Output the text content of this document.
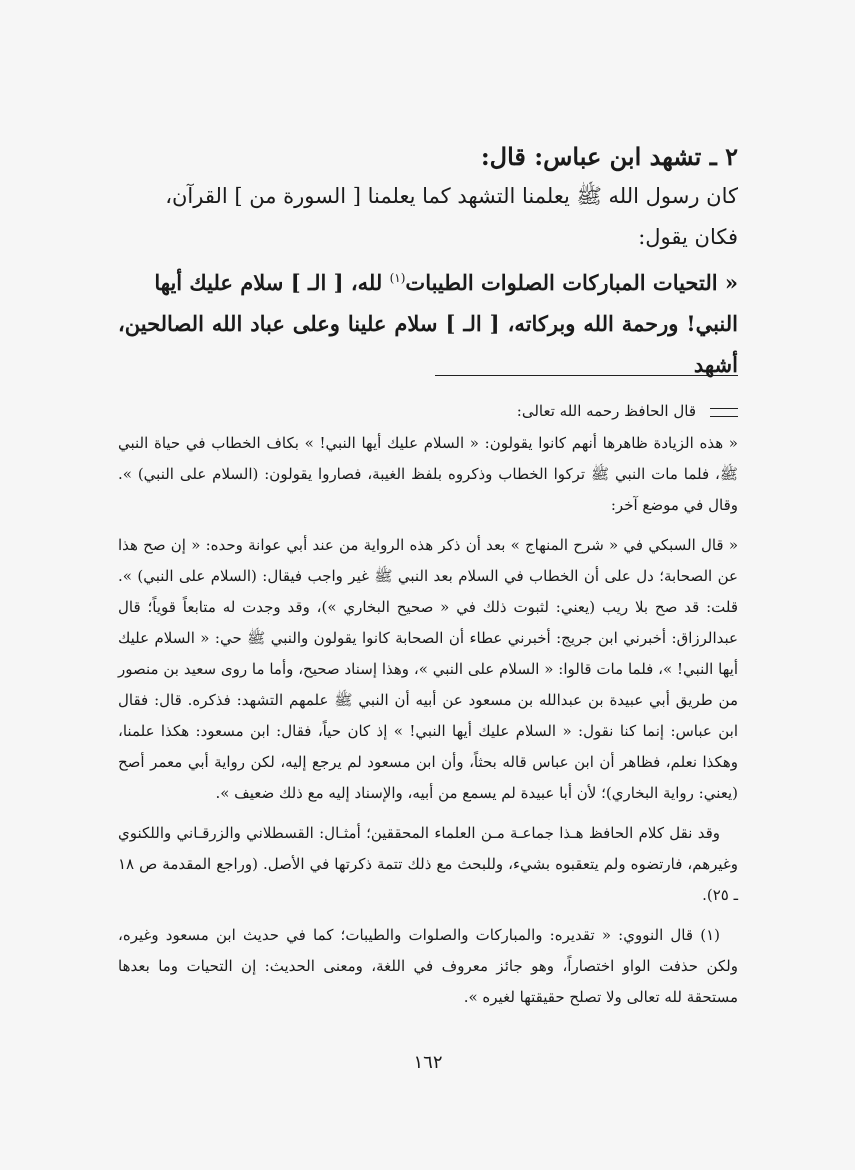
٢ ـ تشهد ابن عباس: قال:

كان رسول الله ﷺ يعلمنا التشهد كما يعلمنا [ السورة من ] القرآن،

فكان يقول:

« التحيات المباركات الصلوات الطيبات$^{(١)}$ لله، [ الـ ] سلام عليك أيها

النبي! ورحمة الله وبركاته، [ الـ ] سلام علينا وعلى عباد الله الصالحين، أشهد

قال الحافظ رحمه الله تعالى:

« هذه الزيادة ظاهرها أنهم كانوا يقولون: « السلام عليك أيها النبي! » بكاف الخطاب في حياة النبي ﷺ، فلما مات النبي ﷺ تركوا الخطاب وذكروه بلفظ الغيبة، فصاروا يقولون: (السلام على النبي) ». وقال في موضع آخر:

« قال السبكي في « شرح المنهاج » بعد أن ذكر هذه الرواية من عند أبي عوانة وحده: « إن صح هذا عن الصحابة؛ دل على أن الخطاب في السلام بعد النبي ﷺ غير واجب فيقال: (السلام على النبي) ». قلت: قد صح بلا ريب (يعني: لثبوت ذلك في « صحيح البخاري »)، وقد وجدت له متابعاً قوياً؛ قال عبدالرزاق: أخبرني ابن جريج: أخبرني عطاء أن الصحابة كانوا يقولون والنبي ﷺ حي: « السلام عليك أيها النبي! »، فلما مات قالوا: « السلام على النبي »، وهذا إسناد صحيح، وأما ما روى سعيد بن منصور من طريق أبي عبيدة بن عبدالله بن مسعود عن أبيه أن النبي ﷺ علمهم التشهد: فذكره. قال: فقال ابن عباس: إنما كنا نقول: « السلام عليك أيها النبي! » إذ كان حياً، فقال: ابن مسعود: هكذا علمنا، وهكذا نعلم، فظاهر أن ابن عباس قاله بحثاً، وأن ابن مسعود لم يرجع إليه، لكن رواية أبي معمر أصح (يعني: رواية البخاري)؛ لأن أبا عبيدة لم يسمع من أبيه، والإسناد إليه مع ذلك ضعيف ».

وقد نقل كلام الحافظ هـذا جماعـة مـن العلماء المحققين؛ أمثـال: القسطلاني والزرقـاني واللكنوي وغيرهم، فارتضوه ولم يتعقبوه بشيء، وللبحث مع ذلك تتمة ذكرتها في الأصل. (وراجع المقدمة ص ١٨ ـ ٢٥).

(١) قال النووي: « تقديره: والمباركات والصلوات والطيبات؛ كما في حديث ابن مسعود وغيره، ولكن حذفت الواو اختصاراً، وهو جائز معروف في اللغة، ومعنى الحديث: إن التحيات وما بعدها مستحقة لله تعالى ولا تصلح حقيقتها لغيره ».

١٦٢
